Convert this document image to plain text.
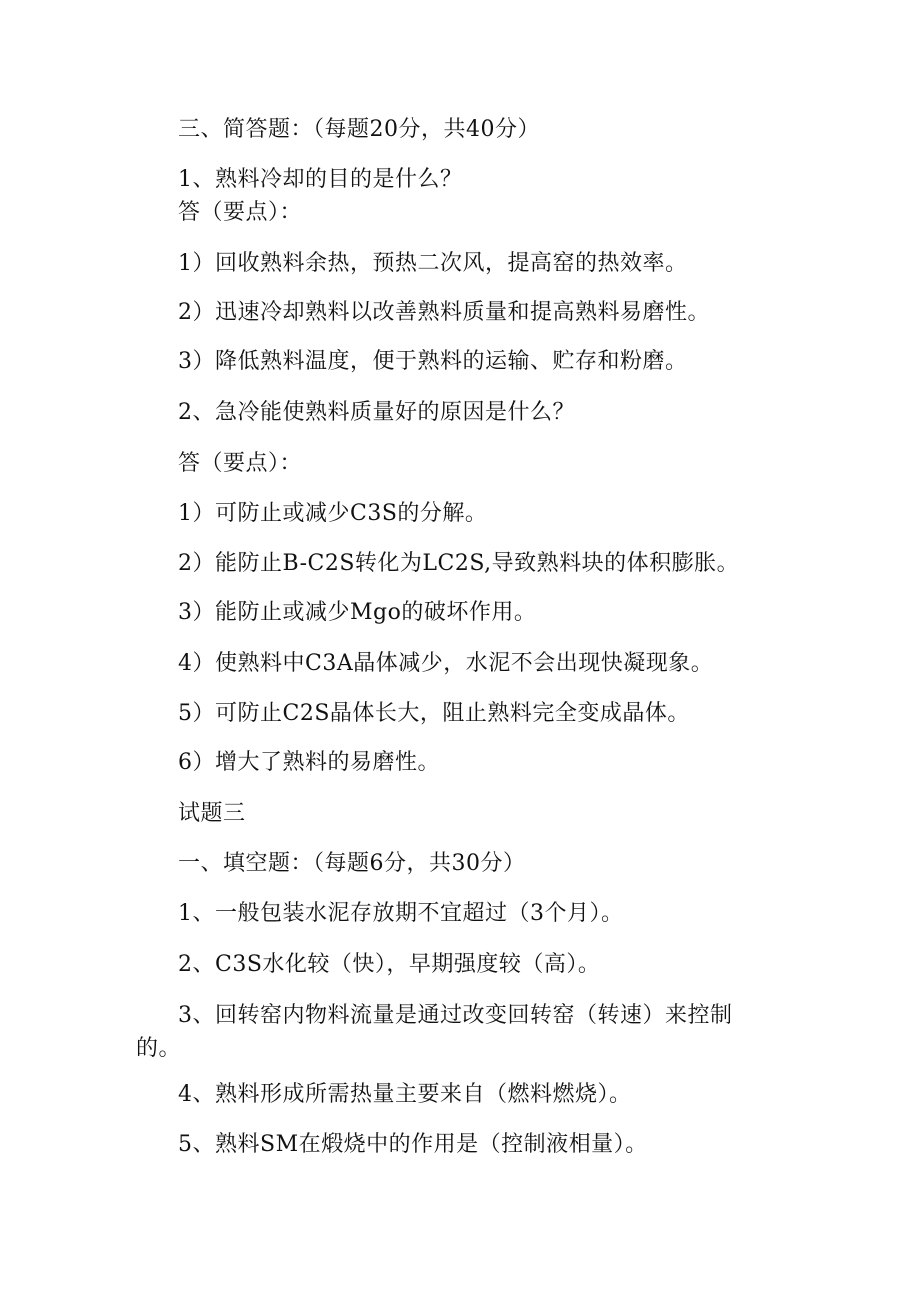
三、简答题：（每题20分，共40分）
1、熟料冷却的目的是什么？
答（要点）：
1）回收熟料余热，预热二次风，提高窑的热效率。
2）迅速冷却熟料以改善熟料质量和提高熟料易磨性。
3）降低熟料温度，便于熟料的运输、贮存和粉磨。
2、急冷能使熟料质量好的原因是什么？
答（要点）：
1）可防止或减少C3S的分解。
2）能防止B-C2S转化为LC2S,导致熟料块的体积膨胀。
3）能防止或减少Mgo的破坏作用。
4）使熟料中C3A晶体减少，水泥不会出现快凝现象。
5）可防止C2S晶体长大，阻止熟料完全变成晶体。
6）增大了熟料的易磨性。
试题三
一、填空题：（每题6分，共30分）
1、一般包装水泥存放期不宜超过（3个月）。
2、C3S水化较（快），早期强度较（高）。
3、回转窑内物料流量是通过改变回转窑（转速）来控制的。
4、熟料形成所需热量主要来自（燃料燃烧）。
5、熟料SM在煅烧中的作用是（控制液相量）。
